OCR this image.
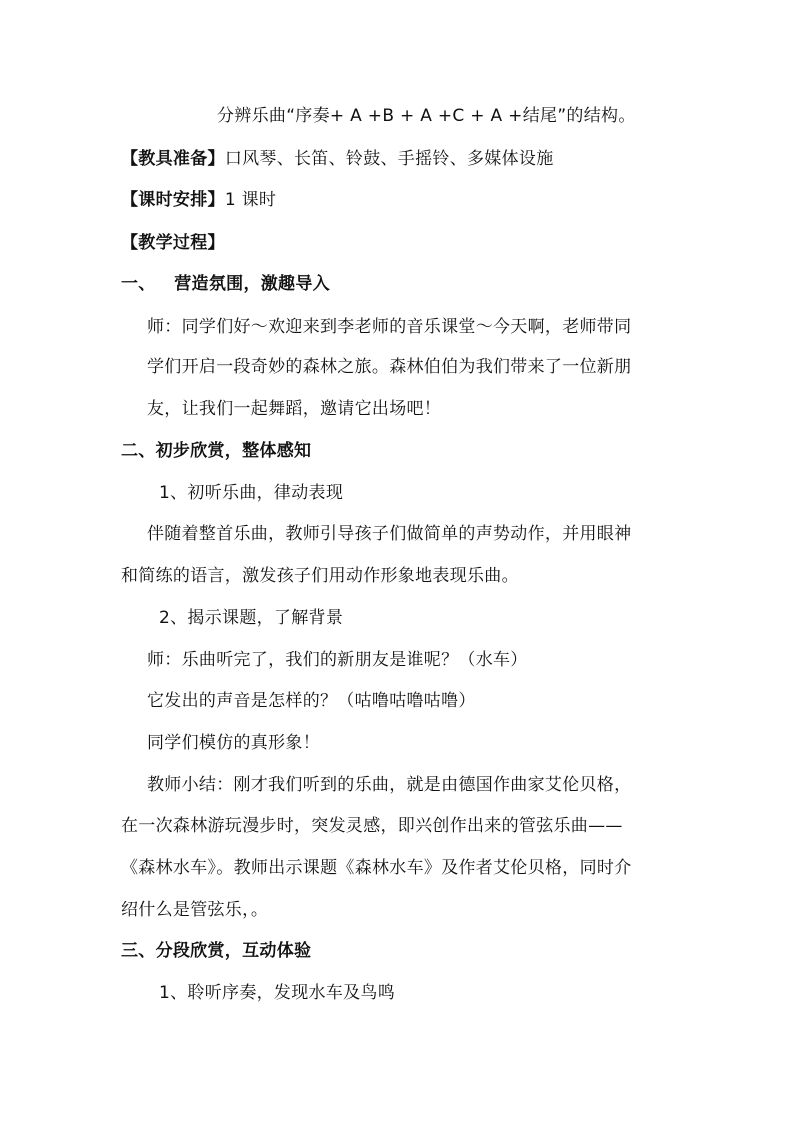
分辨乐曲“序奏+ A +B + A +C + A +结尾”的结构。
【教具准备】口风琴、长笛、铃鼓、手摇铃、多媒体设施
【课时安排】1 课时
【教学过程】
一、   营造氛围，激趣导入
师：同学们好～欢迎来到李老师的音乐课堂～今天啊，老师带同
学们开启一段奇妙的森林之旅。森林伯伯为我们带来了一位新朋
友，让我们一起舞蹈，邀请它出场吧！
二、初步欣赏，整体感知
1、初听乐曲，律动表现
伴随着整首乐曲，教师引导孩子们做简单的声势动作，并用眼神
和简练的语言，激发孩子们用动作形象地表现乐曲。
2、揭示课题，了解背景
师：乐曲听完了，我们的新朋友是谁呢？（水车）
它发出的声音是怎样的？（咕噜咕噜咕噜）
同学们模仿的真形象！
教师小结：刚才我们听到的乐曲，就是由德国作曲家艾伦贝格，
在一次森林游玩漫步时，突发灵感，即兴创作出来的管弦乐曲——
《森林水车》。教师出示课题《森林水车》及作者艾伦贝格，同时介
绍什么是管弦乐，。
三、分段欣赏，互动体验
1、聆听序奏，发现水车及鸟鸣
